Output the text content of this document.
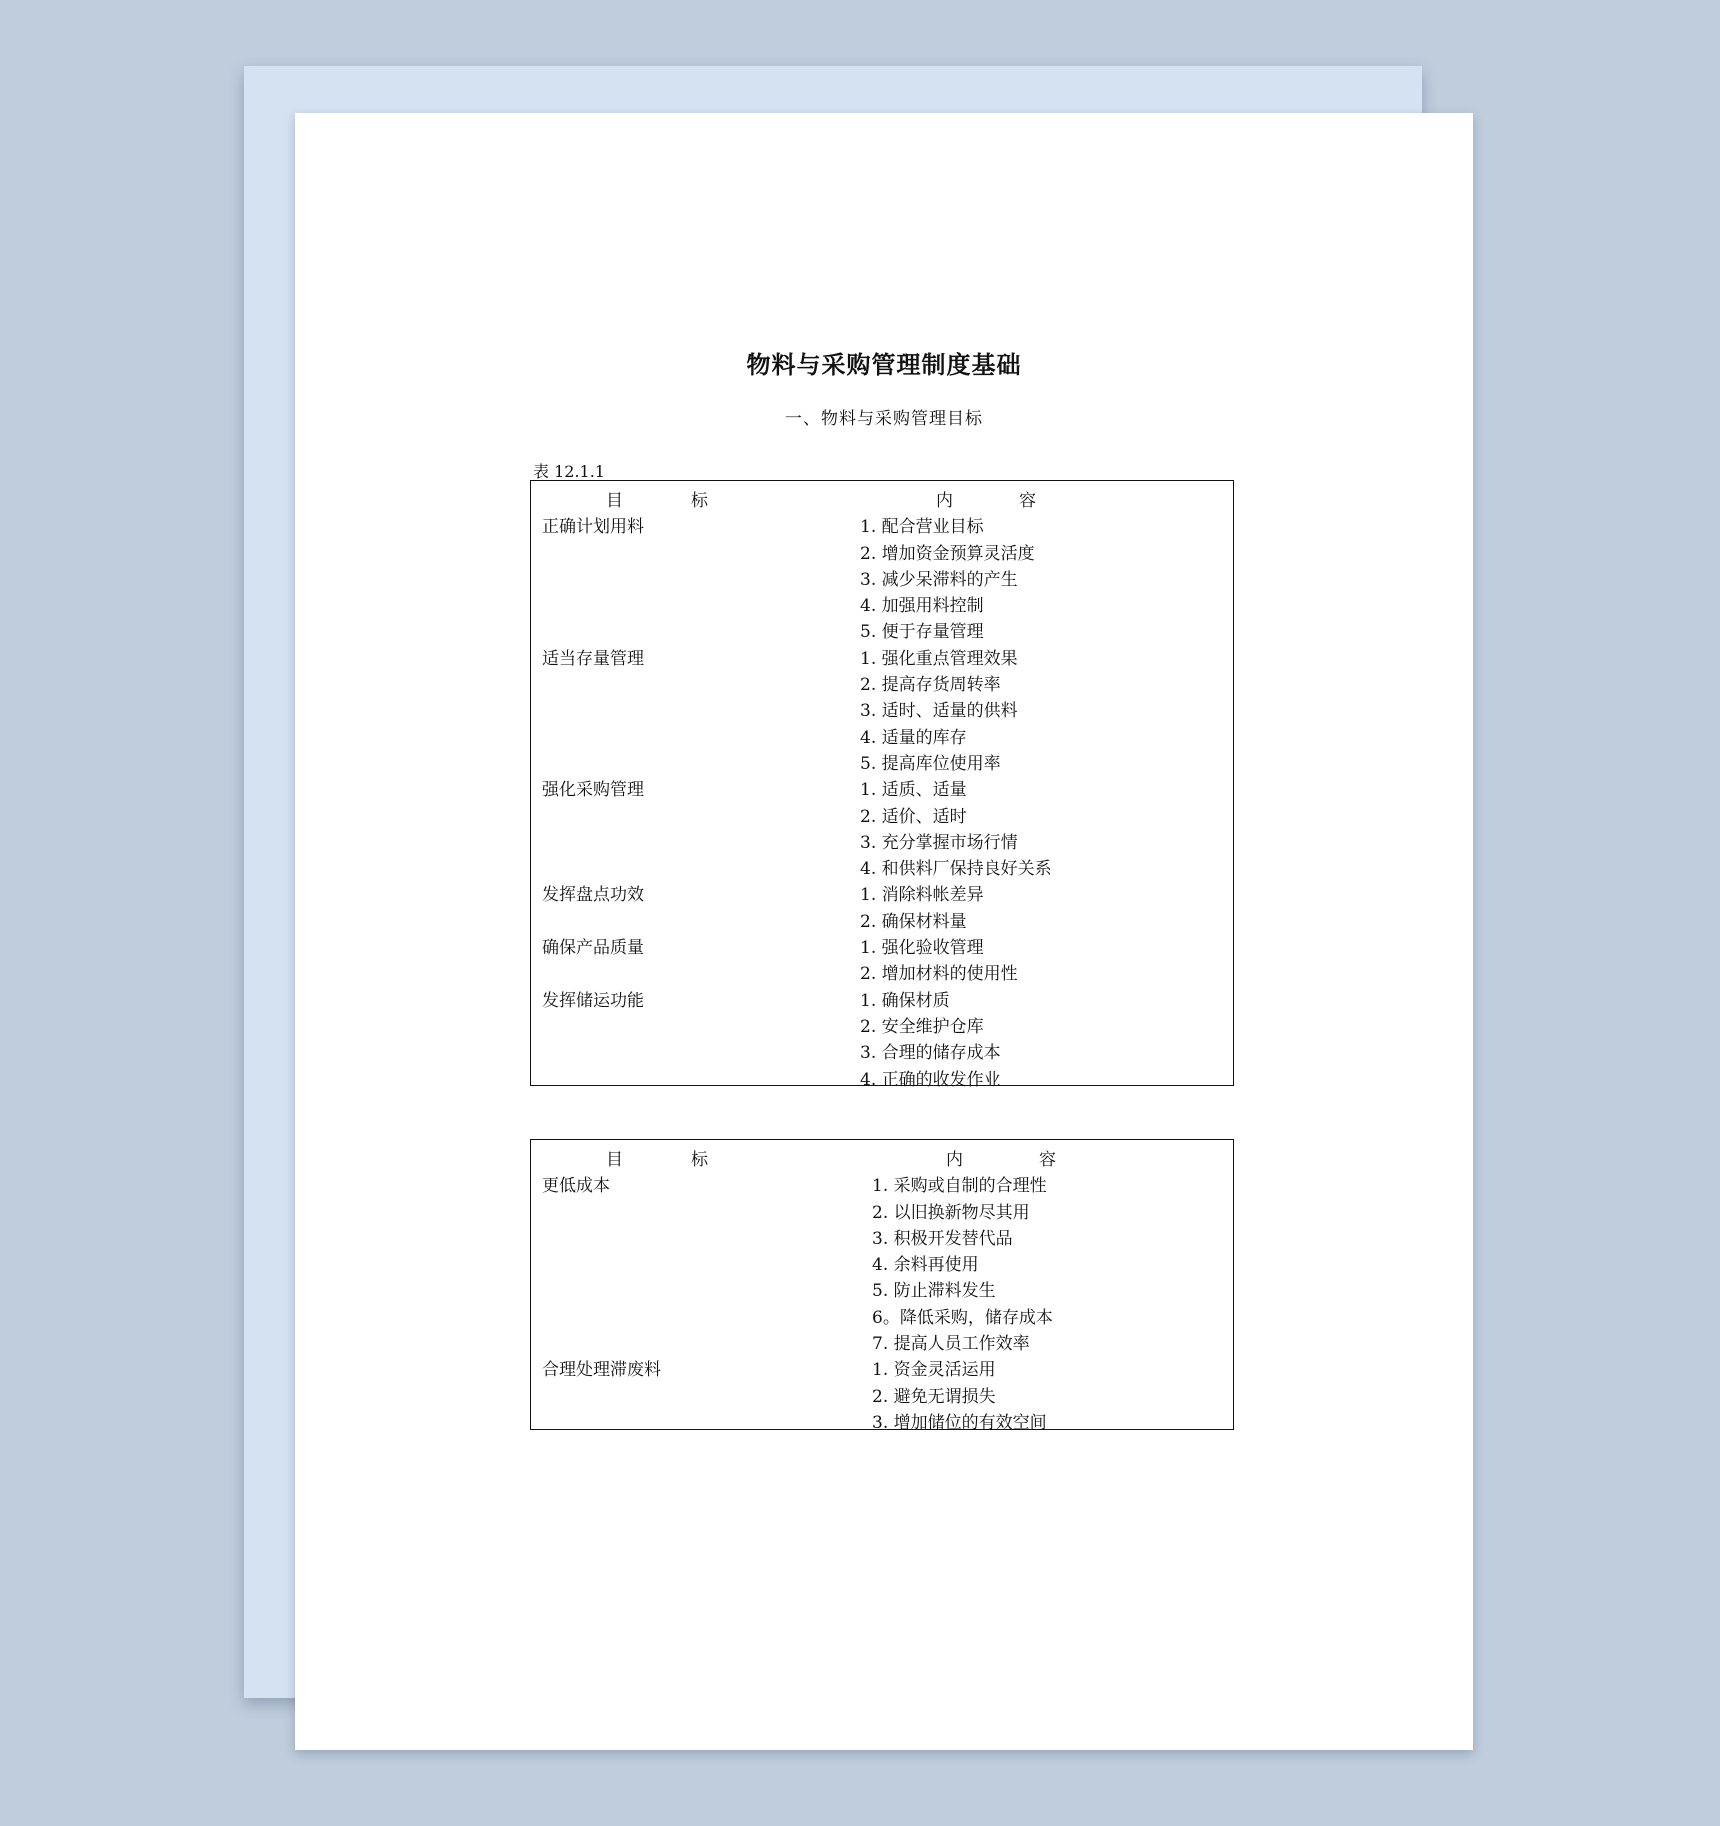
物料与采购管理制度基础
一、物料与采购管理目标
表 12.1.1
目	标	内	容
正确计划用料	1. 配合营业目标
2. 增加资金预算灵活度
3. 减少呆滞料的产生
4. 加强用料控制
5. 便于存量管理
适当存量管理	1. 强化重点管理效果
2. 提高存货周转率
3. 适时、适量的供料
4. 适量的库存
5. 提高库位使用率
强化采购管理	1. 适质、适量
2. 适价、适时
3. 充分掌握市场行情
4. 和供料厂保持良好关系
发挥盘点功效	1. 消除料帐差异
2. 确保材料量
确保产品质量	1. 强化验收管理
2. 增加材料的使用性
发挥储运功能	1. 确保材质
2. 安全维护仓库
3. 合理的储存成本
4. 正确的收发作业
目	标	内	容
更低成本	1. 采购或自制的合理性
2. 以旧换新物尽其用
3. 积极开发替代品
4. 余料再使用
5. 防止滞料发生
6。降低采购，储存成本
7. 提高人员工作效率
合理处理滞废料	1. 资金灵活运用
2. 避免无谓损失
3. 增加储位的有效空间
